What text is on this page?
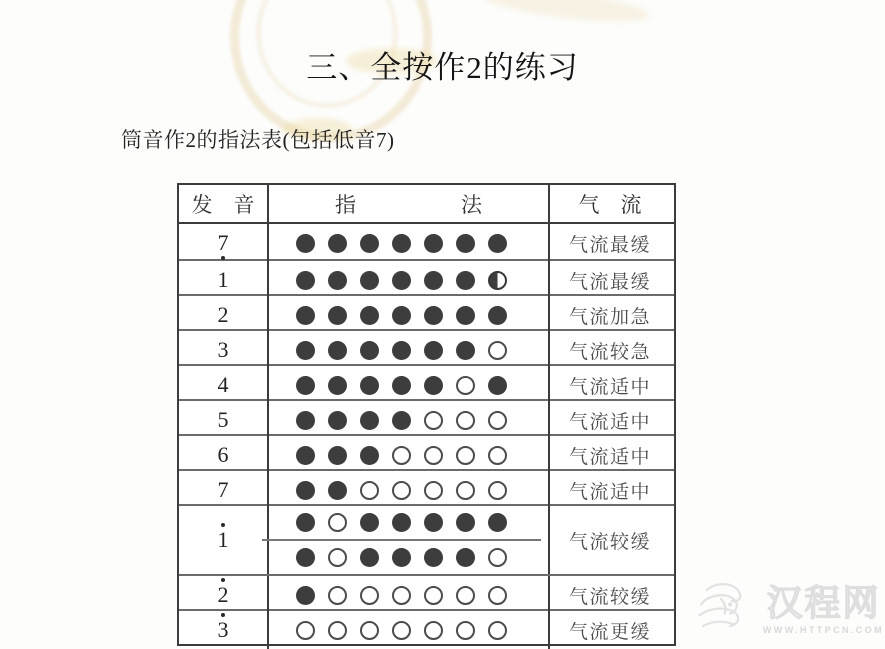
三、全按作2的练习
筒音作2的指法表(包括低音7)
发　音	指　　　　　法	气　流
7	气流最缓
1	气流最缓
2	气流加急
3	气流较急
4	气流适中
5	气流适中
6	气流适中
7	气流适中
1	气流较缓
2	气流较缓
3	气流更缓
汉程网
WWW.HTTPCN.COM
